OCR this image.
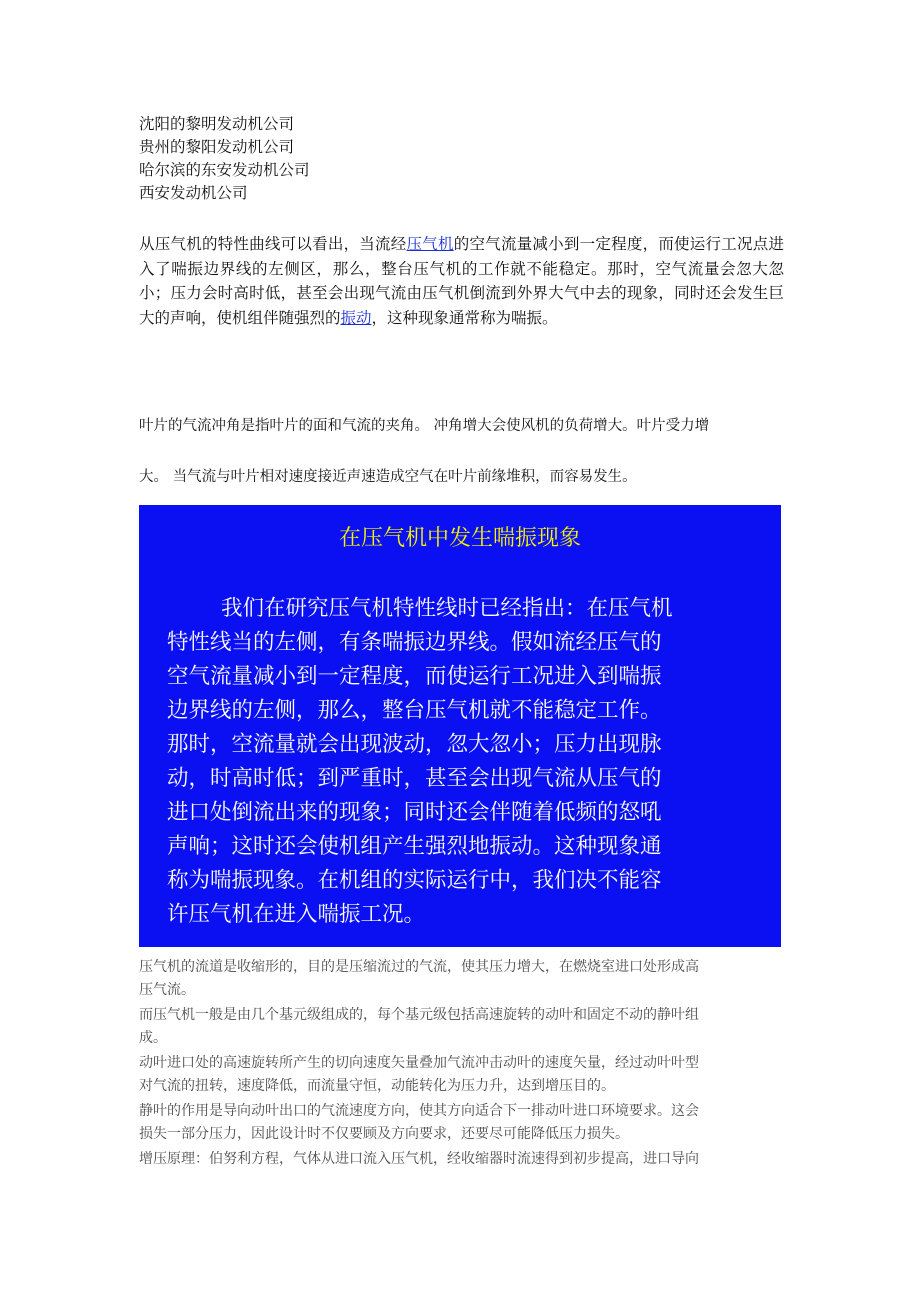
沈阳的黎明发动机公司
贵州的黎阳发动机公司
哈尔滨的东安发动机公司
西安发动机公司

从压气机的特性曲线可以看出，当流经压气机的空气流量减小到一定程度，而使运行工况点进入了喘振边界线的左侧区，那么，整台压气机的工作就不能稳定。那时，空气流量会忽大忽小；压力会时高时低，甚至会出现气流由压气机倒流到外界大气中去的现象，同时还会发生巨大的声响，使机组伴随强烈的振动，这种现象通常称为喘振。

叶片的气流冲角是指叶片的面和气流的夹角。 冲角增大会使风机的负荷增大。叶片受力增

大。 当气流与叶片相对速度接近声速造成空气在叶片前缘堆积，而容易发生。

在压气机中发生喘振现象

我们在研究压气机特性线时已经指出：在压气机
特性线当的左侧，有条喘振边界线。假如流经压气的
空气流量减小到一定程度，而使运行工况进入到喘振
边界线的左侧，那么，整台压气机就不能稳定工作。
那时，空流量就会出现波动，忽大忽小；压力出现脉
动，时高时低；到严重时，甚至会出现气流从压气的
进口处倒流出来的现象；同时还会伴随着低频的怒吼
声响；这时还会使机组产生强烈地振动。这种现象通
称为喘振现象。在机组的实际运行中，我们决不能容
许压气机在进入喘振工况。

压气机的流道是收缩形的，目的是压缩流过的气流，使其压力增大，在燃烧室进口处形成高
压气流。

而压气机一般是由几个基元级组成的，每个基元级包括高速旋转的动叶和固定不动的静叶组
成。

动叶进口处的高速旋转所产生的切向速度矢量叠加气流冲击动叶的速度矢量，经过动叶叶型
对气流的扭转，速度降低，而流量守恒，动能转化为压力升，达到增压目的。

静叶的作用是导向动叶出口的气流速度方向，使其方向适合下一排动叶进口环境要求。这会
损失一部分压力，因此设计时不仅要顾及方向要求，还要尽可能降低压力损失。

增压原理：伯努利方程，气体从进口流入压气机，经收缩器时流速得到初步提高，进口导向
